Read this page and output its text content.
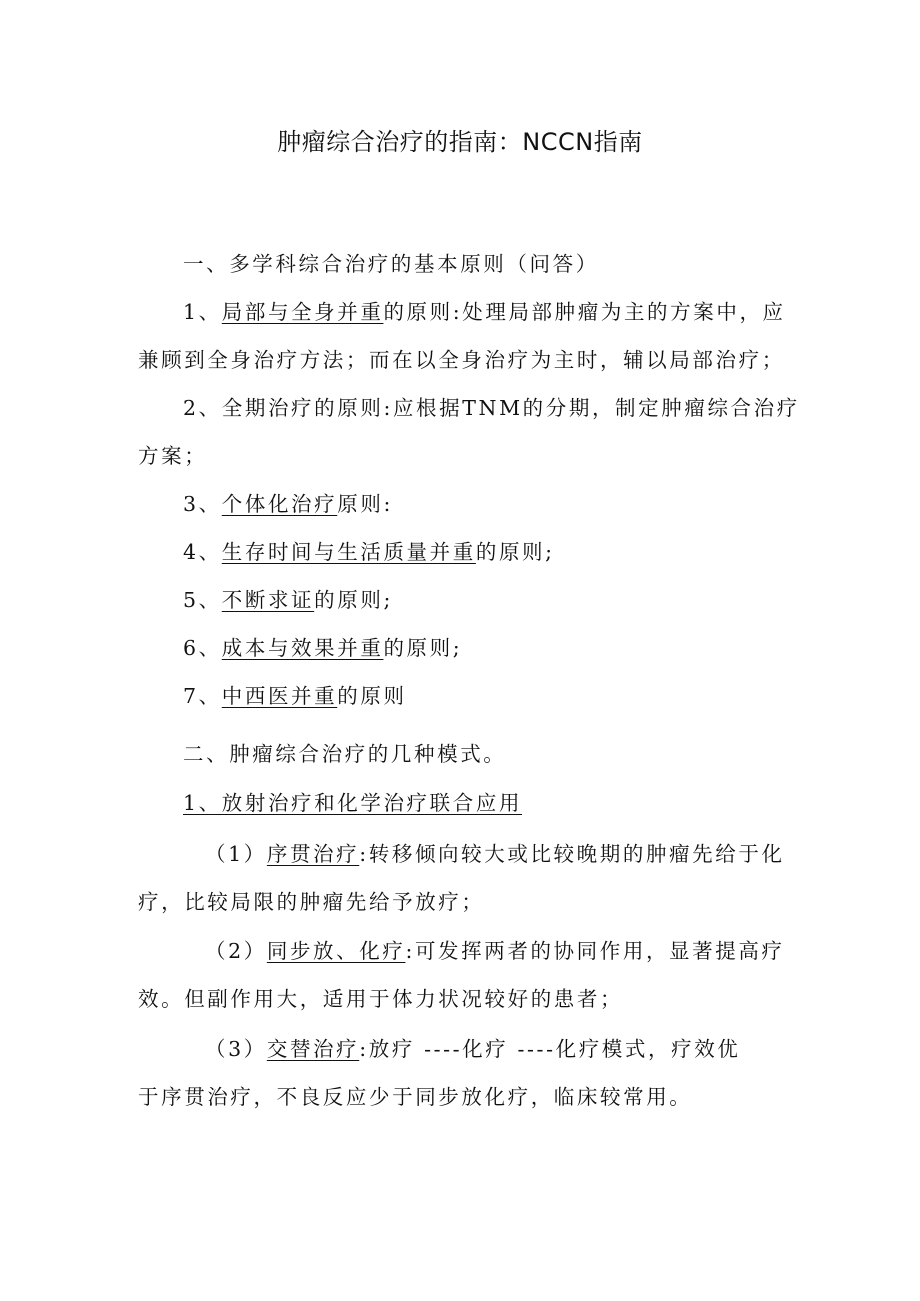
肿瘤综合治疗的指南：NCCN指南
一、多学科综合治疗的基本原则（问答）
1、局部与全身并重的原则:处理局部肿瘤为主的方案中，应
兼顾到全身治疗方法；而在以全身治疗为主时，辅以局部治疗；
2、全期治疗的原则:应根据TNM的分期，制定肿瘤综合治疗
方案；
3、个体化治疗原则:
4、生存时间与生活质量并重的原则;
5、不断求证的原则;
6、成本与效果并重的原则;
7、中西医并重的原则
二、肿瘤综合治疗的几种模式。
1、放射治疗和化学治疗联合应用
（1）序贯治疗:转移倾向较大或比较晚期的肿瘤先给于化
疗，比较局限的肿瘤先给予放疗；
（2）同步放、化疗:可发挥两者的协同作用，显著提高疗
效。但副作用大，适用于体力状况较好的患者；
（3）交替治疗:放疗 ----化疗 ----化疗模式，疗效优
于序贯治疗，不良反应少于同步放化疗，临床较常用。
